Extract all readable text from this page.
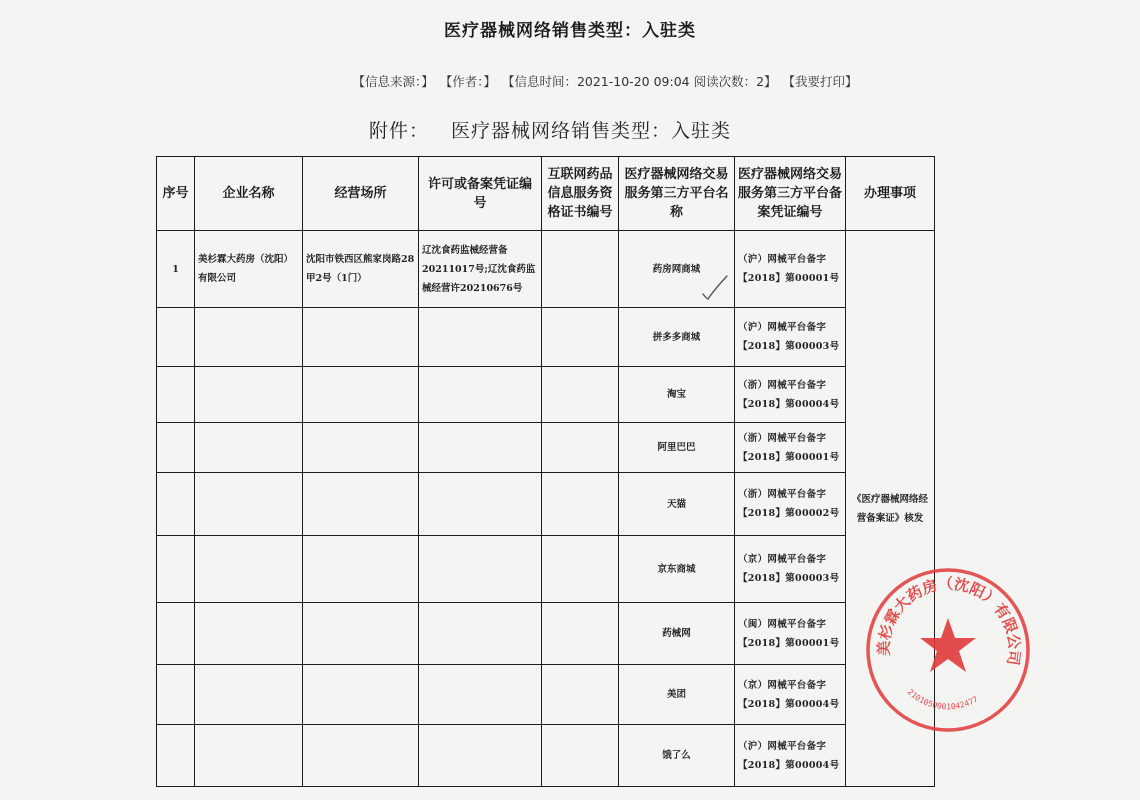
医疗器械网络销售类型：入驻类
【信息来源：】 【作者：】 【信息时间：2021-10-20 09:04 阅读次数：2】 【我要打印】
附件： 医疗器械网络销售类型：入驻类
序号	企业名称	经营场所	许可或备案凭证编号	互联网药品信息服务资格证书编号	医疗器械网络交易服务第三方平台名称	医疗器械网络交易服务第三方平台备案凭证编号	办理事项
1	美杉霖大药房（沈阳）有限公司	沈阳市铁西区熊家岗路28甲2号（1门）	辽沈食药监械经营备20211017号;辽沈食药监械经营许20210676号		药房网商城	（沪）网械平台备字【2018】第00001号	《医疗器械网络经营备案证》核发
					拼多多商城	（沪）网械平台备字【2018】第00003号	
					淘宝	（浙）网械平台备字【2018】第00004号	
					阿里巴巴	（浙）网械平台备字【2018】第00001号	
					天猫	（浙）网械平台备字【2018】第00002号	
					京东商城	（京）网械平台备字【2018】第00003号	
					药械网	（闽）网械平台备字【2018】第00001号	
					美团	（京）网械平台备字【2018】第00004号	
					饿了么	（沪）网械平台备字【2018】第00004号	
美杉霖大药房（沈阳）有限公司
2101050001042477
